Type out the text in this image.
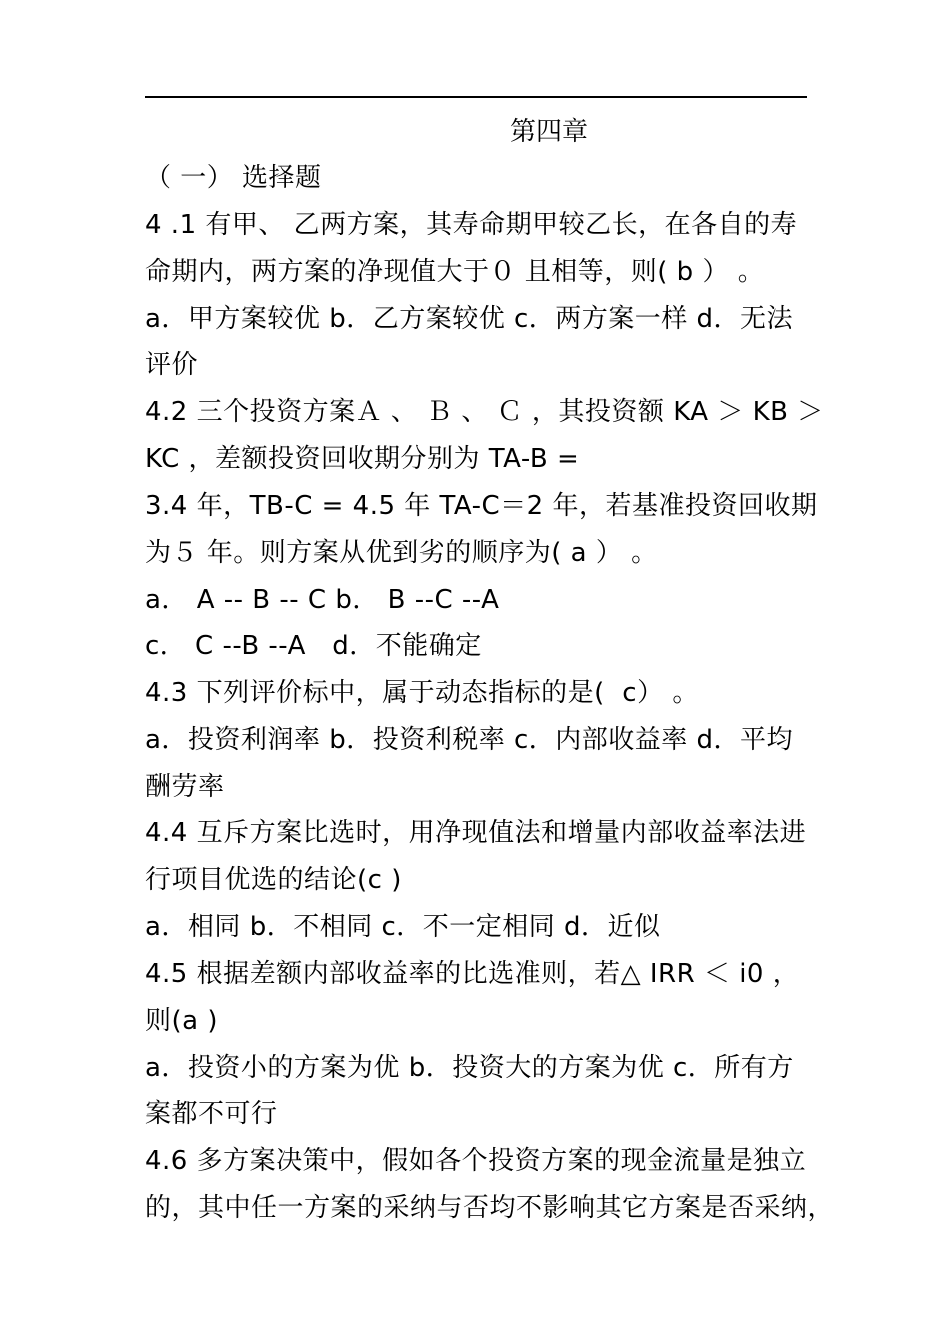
第四章
（ 一） 选择题
4 .1 有甲、 乙两方案，其寿命期甲较乙长，在各自的寿
命期内，两方案的净现值大于０ 且相等，则( b ） 。
a．甲方案较优 b．乙方案较优 c．两方案一样 d．无法
评价
4.2 三个投资方案Ａ 、 Ｂ 、 Ｃ ，其投资额 KA ＞ KB ＞
KC ，差额投资回收期分别为 TA-B =
3.4 年，TB-C = 4.5 年 TA-C＝2 年，若基准投资回收期
为５ 年。则方案从优到劣的顺序为( a ） 。
a． A -- B -- C b． B --C --A
c． C --B --A   d．不能确定
4.3 下列评价标中，属于动态指标的是(  c） 。
a．投资利润率 b．投资利税率 c．内部收益率 d．平均
酬劳率
4.4 互斥方案比选时，用净现值法和增量内部收益率法进
行项目优选的结论(c )
a．相同 b．不相同 c．不一定相同 d．近似
4.5 根据差额内部收益率的比选准则，若△ IRR ＜ i0 ，
则(a )
a．投资小的方案为优 b．投资大的方案为优 c．所有方
案都不可行
4.6 多方案决策中，假如各个投资方案的现金流量是独立
的，其中任一方案的采纳与否均不影响其它方案是否采纳，
